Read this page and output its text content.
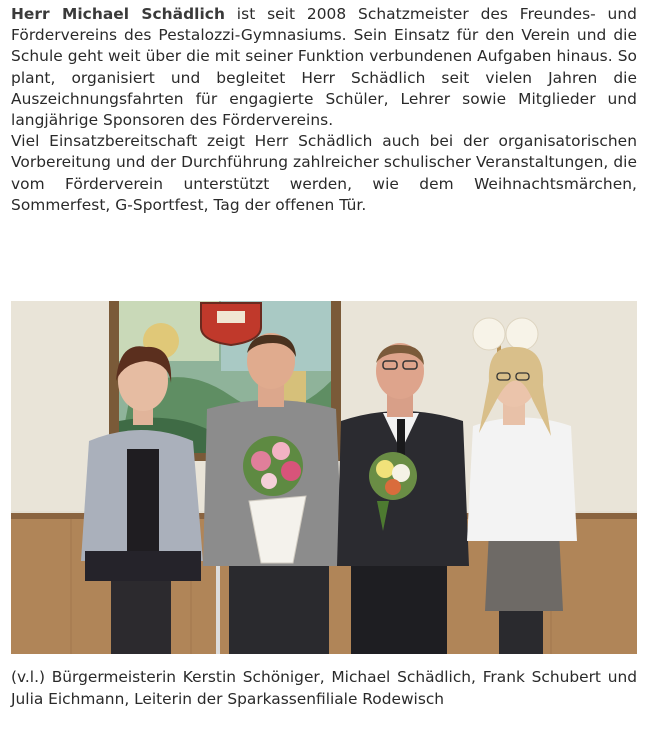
Herr Michael Schädlich ist seit 2008 Schatzmeister des Freundes- und Fördervereins des Pestalozzi-Gymnasiums. Sein Einsatz für den Verein und die Schule geht weit über die mit seiner Funktion verbundenen Aufgaben hinaus. So plant, organisiert und begleitet Herr Schädlich seit vielen Jahren die Auszeichnungsfahrten für engagierte Schüler, Lehrer sowie Mitglieder und langjährige Sponsoren des Fördervereins.

Viel Einsatzbereitschaft zeigt Herr Schädlich auch bei der organisatorischen Vorbereitung und der Durchführung zahlreicher schulischer Veranstaltungen, die vom Förderverein unterstützt werden, wie dem Weihnachtsmärchen, Sommerfest, G-Sportfest, Tag der offenen Tür.

(v.l.) Bürgermeisterin Kerstin Schöniger, Michael Schädlich, Frank Schubert und Julia Eichmann, Leiterin der Sparkassenfiliale Rodewisch
